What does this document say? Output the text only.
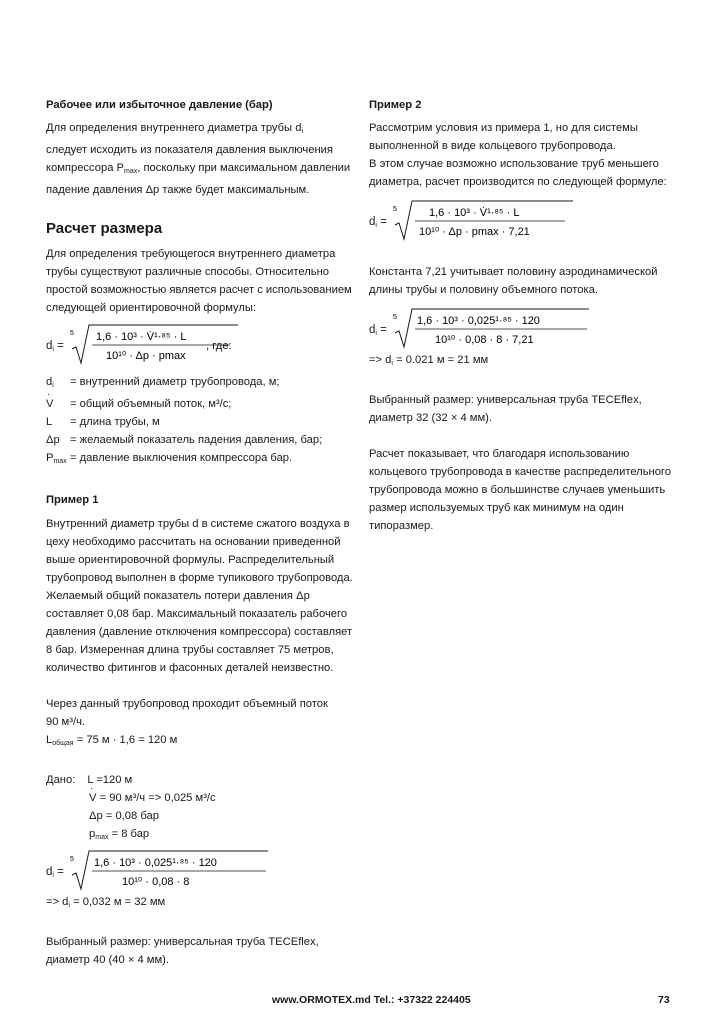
Рабочее или избыточное давление (бар)

Для определения внутреннего диаметра трубы $d_i$

следует исходить из показателя давления выключения

компрессора $P_{max}$, поскольку при максимальном давлении

падение давления Δp также будет максимальным.

Расчет размера

Для определения требующегося внутреннего диаметра

трубы существуют различные способы. Относительно

простой возможностью является расчет с использованием

следующей ориентировочной формулы:

$d_i$ =
5 1,6 · 10³ · V̇¹·⁸⁵ · L
10¹⁰ · Δp · pmax
, где:
$d_i$	= внутренний диаметр трубопровода, м;
· V	= общий объемный поток, м³/с;
L	= длина трубы, м
Δp = желаемый показатель падения давления, бар;
$P_{max}$ = давление выключения компрессора бар.

Пример 1

Внутренний диаметр трубы d в системе сжатого воздуха в

цеху необходимо рассчитать на основании приведенной

выше ориентировочной формулы. Распределительный

трубопровод выполнен в форме тупикового трубопровода.

Желаемый общий показатель потери давления Δp

составляет 0,08 бар. Максимальный показатель рабочего

давления (давление отключения компрессора) составляет

8 бар. Измеренная длина трубы составляет 75 метров,

количество фитингов и фасонных деталей неизвестно.

Через данный трубопровод проходит объемный поток

90 м³/ч.

$L_{общая} = 75$ м · 1,6 = 120 м

Дано: L =120 м

· V = 90 м³/ч => 0,025 м³/с

Δp = 0,08 бар

$p_{max} = 8$ бар

$d_i$ =
5 1,6 · 10³ · 0,025¹·⁸⁵ · 120
10¹⁰ · 0,08 · 8

=> $d_i = 0,032$ м = 32 мм

Выбранный размер: универсальная труба TECEflex,

диаметр 40 (40 × 4 мм).

Пример 2

Рассмотрим условия из примера 1, но для системы

выполненной в виде кольцевого трубопровода.

В этом случае возможно использование труб меньшего

диаметра, расчет производится по следующей формуле:

$d_i$ =
5	1,6 · 10³ · V̇¹·⁸⁵ · L
10¹⁰ · Δp · pmax · 7,21

Константа 7,21 учитывает половину аэродинамической

длины трубы и половину объемного потока.

$d_i$ =
5 1,6 · 10³ · 0,025¹·⁸⁵ · 120
10¹⁰ · 0,08 · 8 · 7,21

=> $d_i = 0.021$ м = 21 мм

Выбранный размер: универсальная труба TECEflex,

диаметр 32 (32 × 4 мм).

Расчет показывает, что благодаря использованию

кольцевого трубопровода в качестве распределительного

трубопровода можно в большинстве случаев уменьшить

размер используемых труб как минимум на один

типоразмер.

www.ORMOTEX.md Tel.: +37322 224405	73
